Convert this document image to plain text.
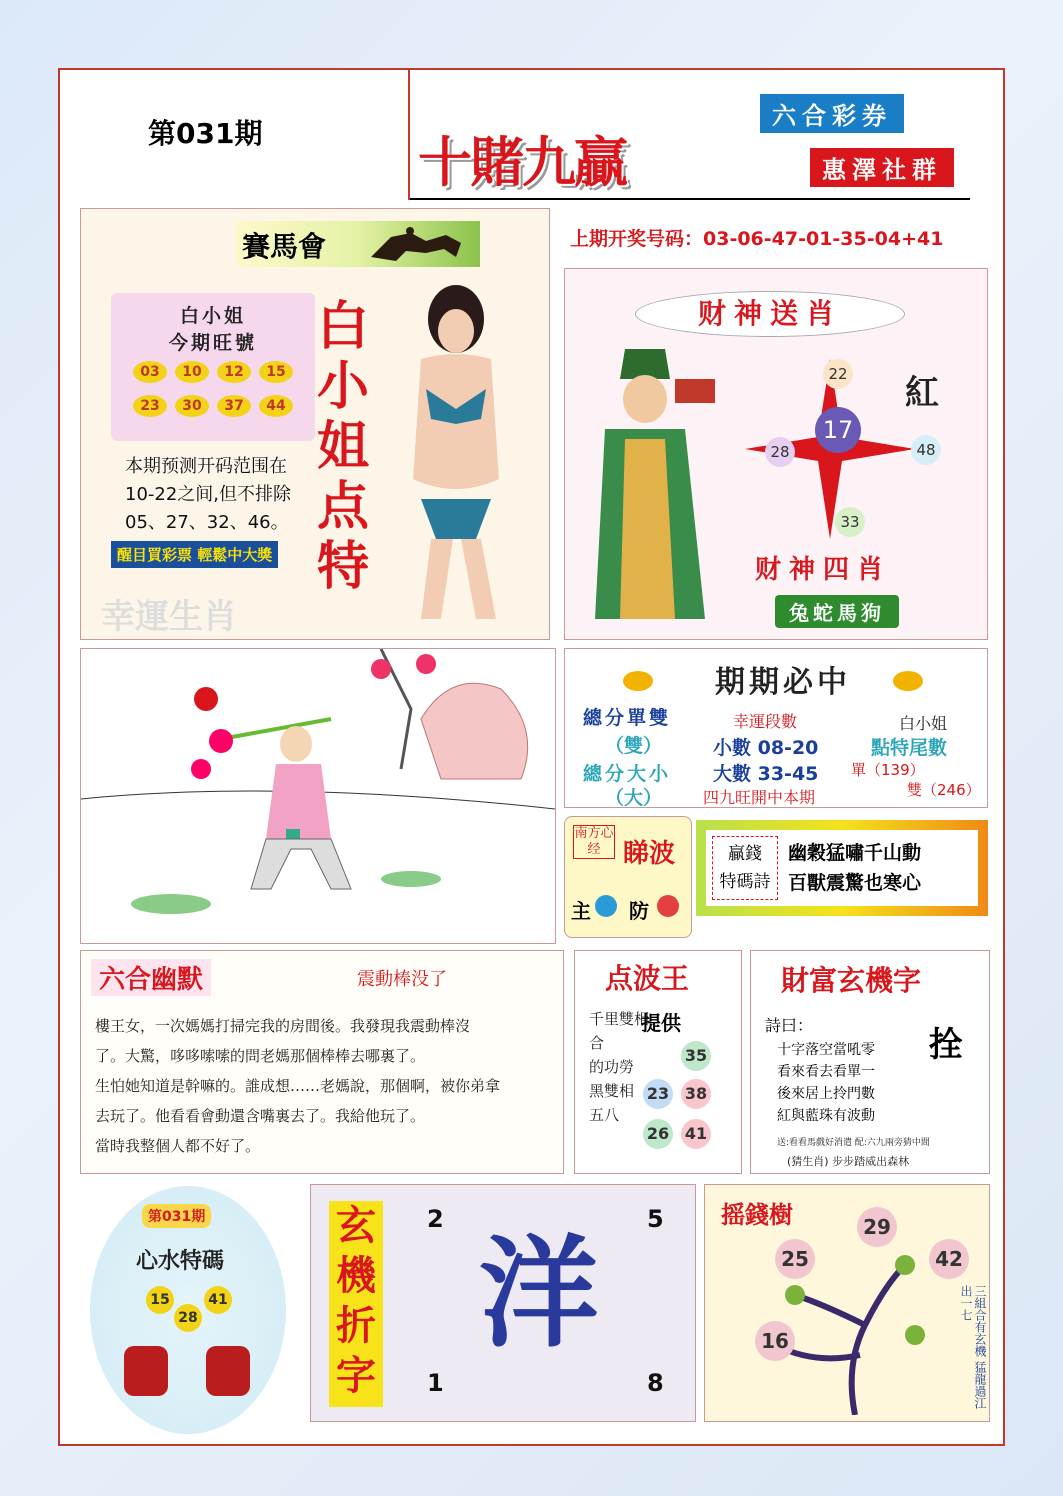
第031期	十賭九贏
六合彩券
惠澤社群
上期开奖号码：03-06-47-01-35-04+41
賽馬會
白小姐
今期旺號
03 10 12 15
23 30 37 44
本期预测开码范围在10-22之间,但不排除05、27、32、46。
醒目買彩票 輕鬆中大獎
白小姐点特
幸運生肖
财神送肖
17
22
28	48
33
紅
财神四肖
兔蛇馬狗
期期必中
總分單雙
（雙）
總分大小
（大）
幸運段數
小數 08-20
大數 33-45
四九旺開中本期
白小姐
點特尾數
單（139）
雙（246）
南方心经 睇波
主 防
贏錢
特碼詩
幽穀猛嘯千山動
百獸震驚也寒心
六合幽默	震動棒没了
樓王女，一次媽媽打掃完我的房間後。我發現我震動棒沒
了。大驚，哆哆嗦嗦的問老媽那個棒棒去哪裏了。
生怕她知道是幹嘛的。誰成想……老媽說，那個啊，被你弟拿
去玩了。他看看會動還含嘴裏去了。我給他玩了。
當時我整個人都不好了。
点波王
千里雙相合
的功勞
黑雙相
五八
提供
35
23 38
26 41
財富玄機字
詩曰：	拴
十字落空當吼零
看來看去看單一
後來居上拎門數
紅與藍珠有波動
送:看看馬戲好消遣 配:六九兩旁猜中間
(猜生肖) 步步踏威出森林
第031期
心水特碼
15
28
41
玄機折字
2	5
1	8
洋
摇錢樹	29
25	42
16	三組合有玄機 猛龍過江出一七
